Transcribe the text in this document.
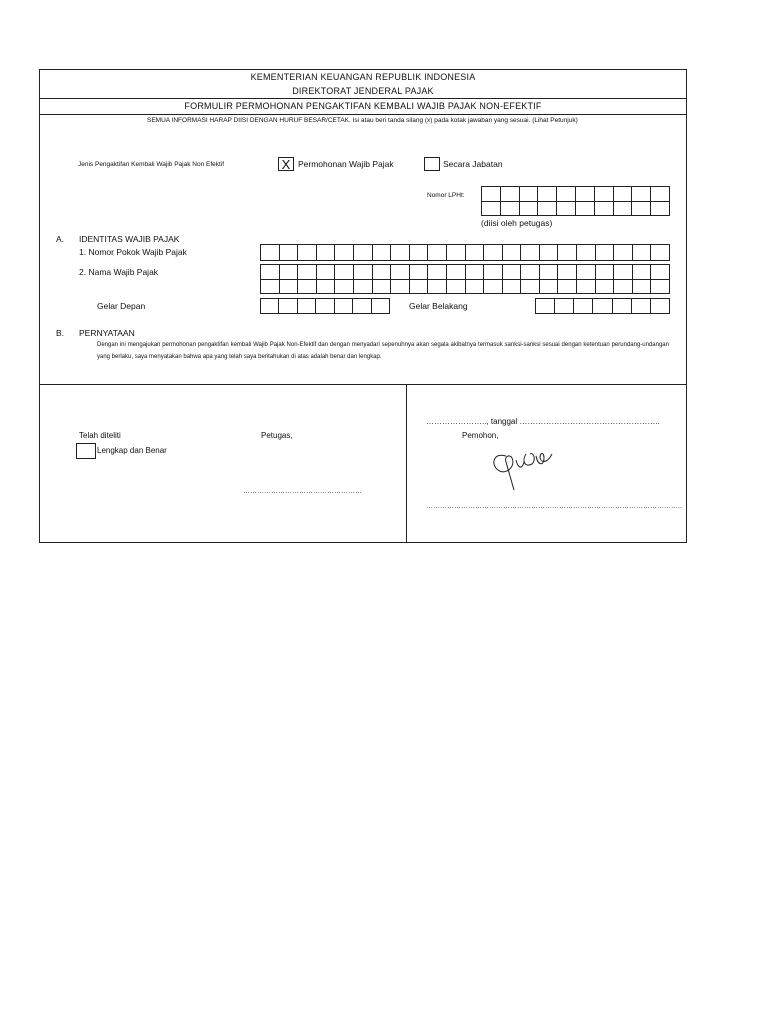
KEMENTERIAN KEUANGAN REPUBLIK INDONESIA
DIREKTORAT JENDERAL PAJAK
FORMULIR PERMOHONAN PENGAKTIFAN KEMBALI WAJIB PAJAK NON-EFEKTIF
SEMUA INFORMASI HARAP DIISI DENGAN HURUF BESAR/CETAK. Isi atau beri tanda silang (x) pada kotak jawaban yang sesuai. (Lihat Petunjuk)
Jenis Pengaktifan Kembali Wajib Pajak Non Efektif	X Permohonan Wajib Pajak	Secara Jabatan
Nomor LPHt:
(diisi oleh petugas)
A. IDENTITAS WAJIB PAJAK
1. Nomor Pokok Wajib Pajak
2. Nama Wajib Pajak
Gelar Depan	Gelar Belakang
B. PERNYATAAN
Dengan ini mengajukan permohonan pengaktifan kembali Wajib Pajak Non-Efektif dan dengan menyadari sepenuhnya akan segala akibatnya termasuk sanksi-sanksi sesuai dengan ketentuan perundang-undangan yang berlaku, saya menyatakan bahwa apa yang telah saya beritahukan di atas adalah benar dan lengkap.
Telah diteliti
Lengkap dan Benar
Petugas,
……………………………………………
………………….., tanggal ……………………………………………..
Pemohon,
………………………………………………………………………………………………..
